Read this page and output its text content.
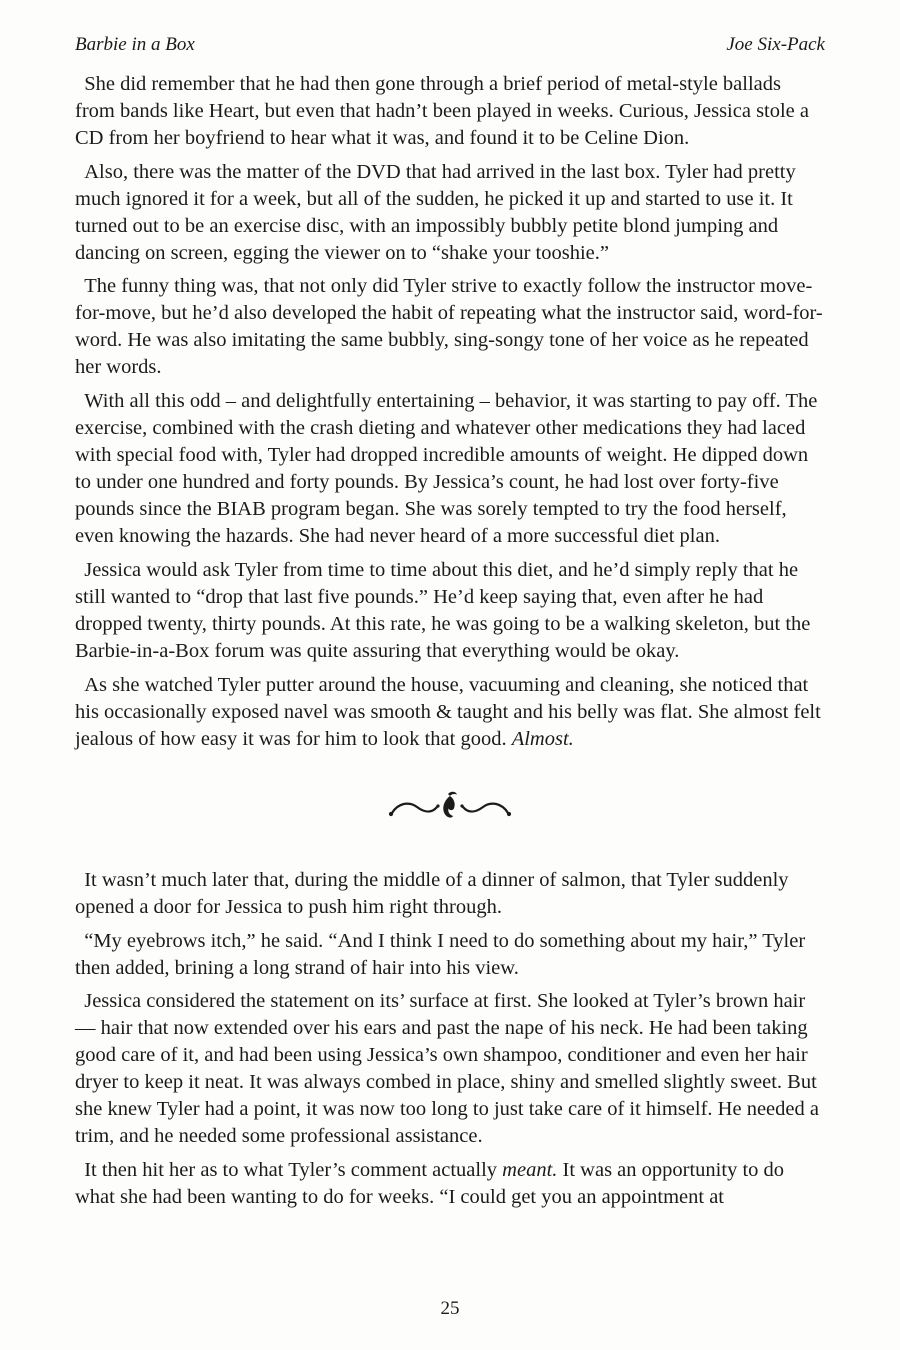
Barbie in a Box	Joe Six-Pack

She did remember that he had then gone through a brief period of metal-style ballads from bands like Heart, but even that hadn’t been played in weeks. Curious, Jessica stole a CD from her boyfriend to hear what it was, and found it to be Celine Dion.

Also, there was the matter of the DVD that had arrived in the last box. Tyler had pretty much ignored it for a week, but all of the sudden, he picked it up and started to use it. It turned out to be an exercise disc, with an impossibly bubbly petite blond jumping and dancing on screen, egging the viewer on to “shake your tooshie.”

The funny thing was, that not only did Tyler strive to exactly follow the instructor move-for-move, but he’d also developed the habit of repeating what the instructor said, word-for-word. He was also imitating the same bubbly, sing-songy tone of her voice as he repeated her words.

With all this odd – and delightfully entertaining – behavior, it was starting to pay off. The exercise, combined with the crash dieting and whatever other medications they had laced with special food with, Tyler had dropped incredible amounts of weight. He dipped down to under one hundred and forty pounds. By Jessica’s count, he had lost over forty-five pounds since the BIAB program began. She was sorely tempted to try the food herself, even knowing the hazards. She had never heard of a more successful diet plan.

Jessica would ask Tyler from time to time about this diet, and he’d simply reply that he still wanted to “drop that last five pounds.” He’d keep saying that, even after he had dropped twenty, thirty pounds. At this rate, he was going to be a walking skeleton, but the Barbie-in-a-Box forum was quite assuring that everything would be okay.

As she watched Tyler putter around the house, vacuuming and cleaning, she noticed that his occasionally exposed navel was smooth & taught and his belly was flat. She almost felt jealous of how easy it was for him to look that good. Almost.

It wasn’t much later that, during the middle of a dinner of salmon, that Tyler suddenly opened a door for Jessica to push him right through.

“My eyebrows itch,” he said. “And I think I need to do something about my hair,” Tyler then added, brining a long strand of hair into his view.

Jessica considered the statement on its’ surface at first. She looked at Tyler’s brown hair — hair that now extended over his ears and past the nape of his neck. He had been taking good care of it, and had been using Jessica’s own shampoo, conditioner and even her hair dryer to keep it neat. It was always combed in place, shiny and smelled slightly sweet. But she knew Tyler had a point, it was now too long to just take care of it himself. He needed a trim, and he needed some professional assistance.

It then hit her as to what Tyler’s comment actually meant. It was an opportunity to do what she had been wanting to do for weeks. “I could get you an appointment at

25
